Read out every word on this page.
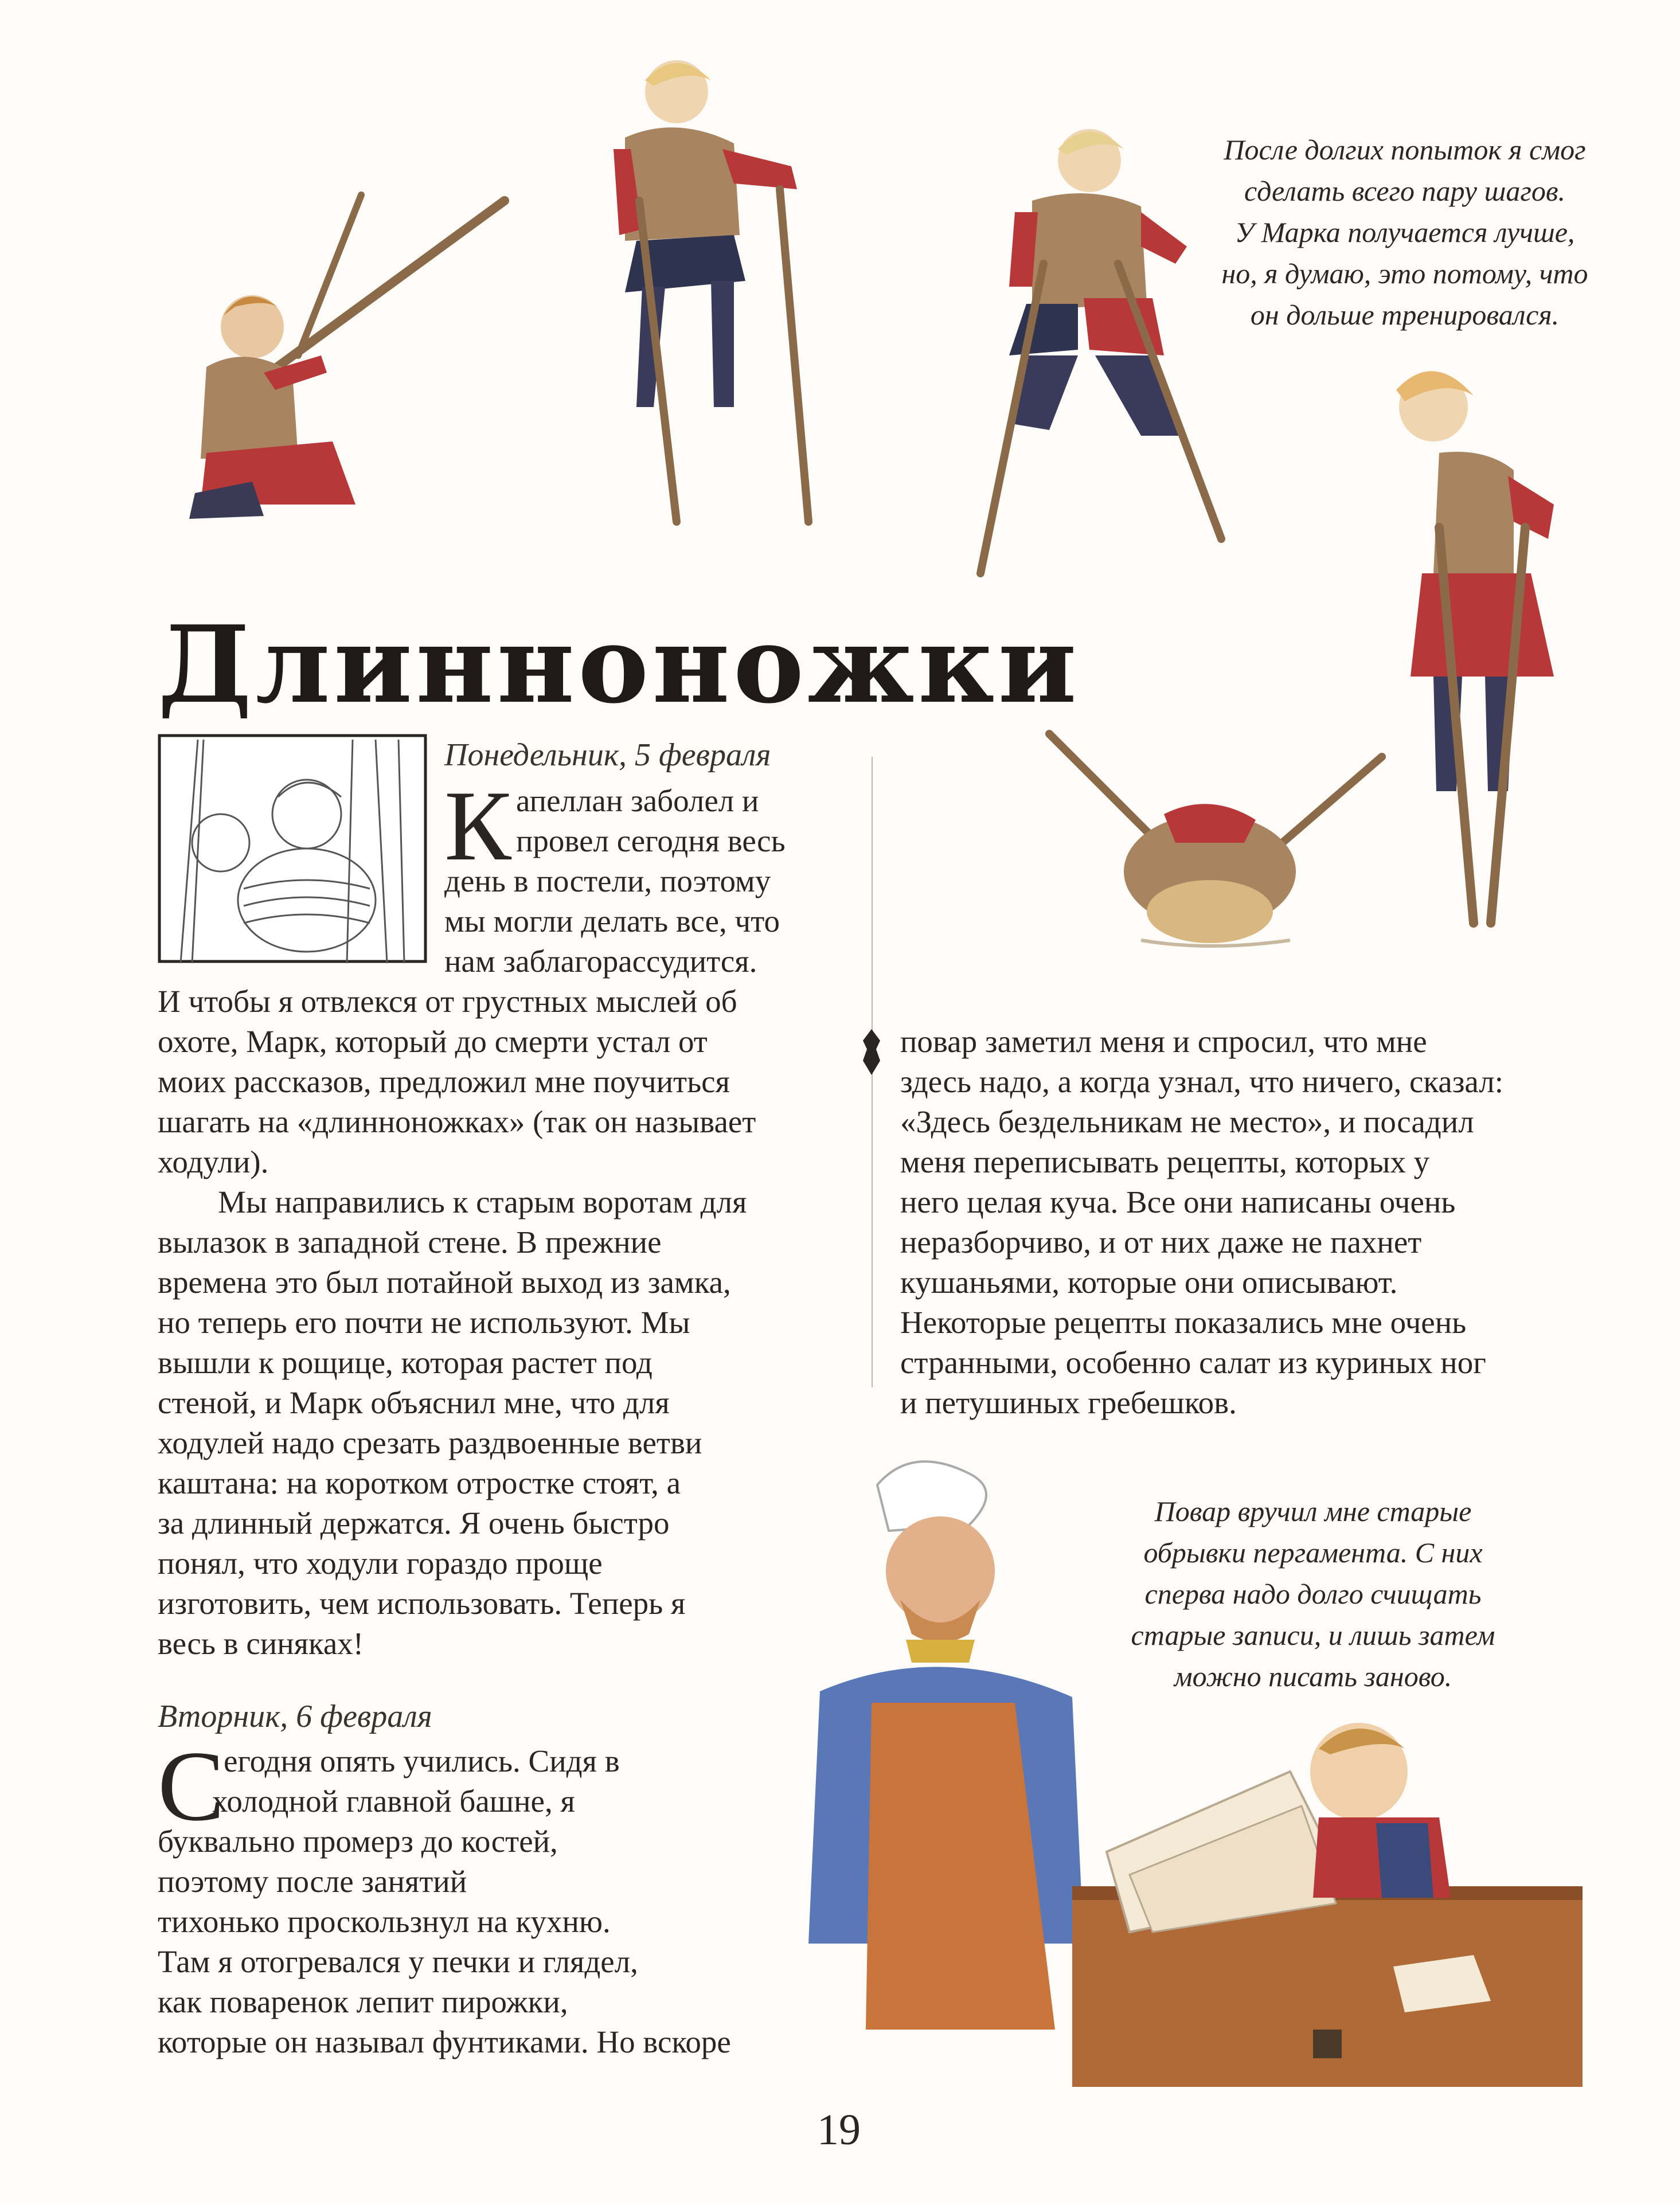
После долгих попыток я смог
сделать всего пару шагов.
У Марка получается лучше,
но, я думаю, это потому, что
он дольше тренировался.
Длинноножки
Понедельник, 5 февраля
К апеллан заболел и
провел сегодня весь
день в постели, поэтому
мы могли делать все, что
нам заблагорассудится.
И чтобы я отвлекся от грустных мыслей об
охоте, Марк, который до смерти устал от
моих рассказов, предложил мне поучиться
шагать на «длинноножках» (так он называет
ходули).
Мы направились к старым воротам для
вылазок в западной стене. В прежние
времена это был потайной выход из замка,
но теперь его почти не используют. Мы
вышли к рощице, которая растет под
стеной, и Марк объяснил мне, что для
ходулей надо срезать раздвоенные ветви
каштана: на коротком отростке стоят, а
за длинный держатся. Я очень быстро
понял, что ходули гораздо проще
изготовить, чем использовать. Теперь я
весь в синяках!
Вторник, 6 февраля
С
егодня опять учились. Сидя в
холодной главной башне, я
буквально промерз до костей,
поэтому после занятий
тихонько проскользнул на кухню.
Там я отогревался у печки и глядел,
как поваренок лепит пирожки,
которые он называл фунтиками. Но вскоре
повар заметил меня и спросил, что мне
здесь надо, а когда узнал, что ничего, сказал:
«Здесь бездельникам не место», и посадил
меня переписывать рецепты, которых у
него целая куча. Все они написаны очень
неразборчиво, и от них даже не пахнет
кушаньями, которые они описывают.
Некоторые рецепты показались мне очень
странными, особенно салат из куриных ног
и петушиных гребешков.
Повар вручил мне старые
обрывки пергамента. С них
сперва надо долго счищать
старые записи, и лишь затем
можно писать заново.
19
